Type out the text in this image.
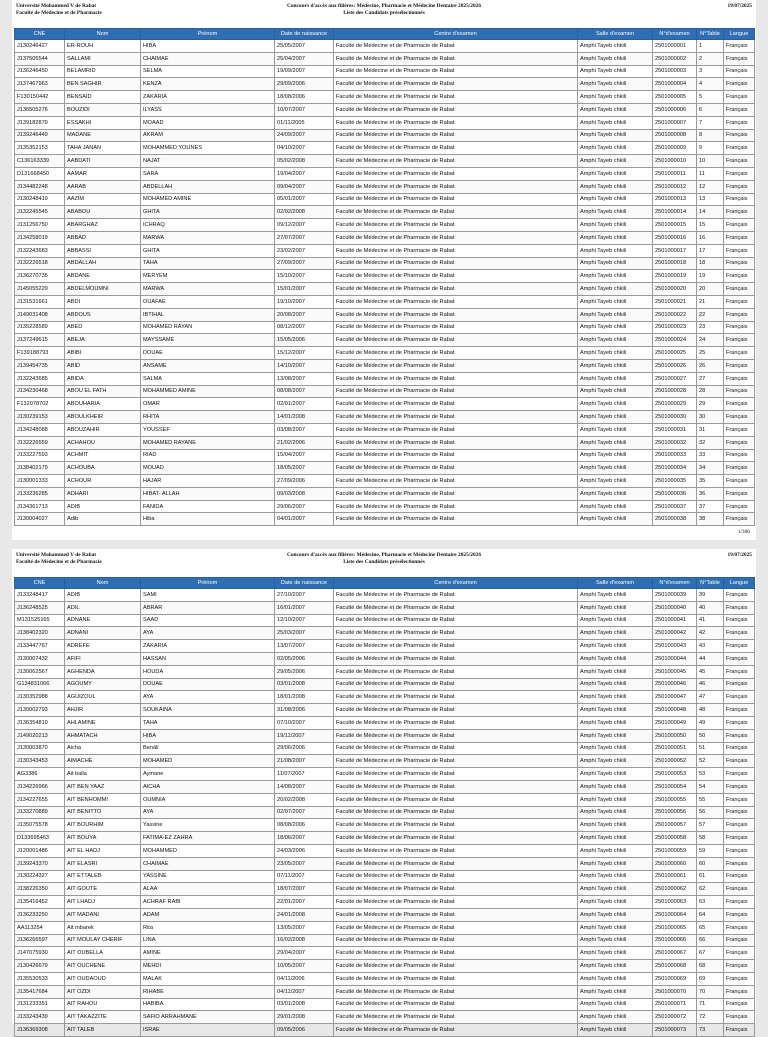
Université Mohammed V de Rabat
Faculté de Médecine et de Pharmacie
Concours d'accès aux filières: Médecine, Pharmacie et Médecine Dentaire 2025/2026
Liste des Candidats présélectionnés
19/07/2025
CNE	Nom	Prénom	Date de naissance	Centre d'examen	Salle d'examen	N°d'examen	N°Table	Langue
J130246427	ER-ROUH	HIBA	25/05/2007	Faculté de Médecine et de Pharmacie de Rabat	Amphi Tayeb chkili	2501000001	1	Français
J137505544	SALLAMI	CHAIMAE	25/04/2007	Faculté de Médecine et de Pharmacie de Rabat	Amphi Tayeb chkili	2501000002	2	Français
J136246450	BELAMRID	SELMA	19/09/2007	Faculté de Médecine et de Pharmacie de Rabat	Amphi Tayeb chkili	2501000003	3	Français
J137467963	BEN SAGHIR	KENZA	29/09/2006	Faculté de Médecine et de Pharmacie de Rabat	Amphi Tayeb chkili	2501000004	4	Français
F130150442	BENSAID	ZAKARIA	18/08/2006	Faculté de Médecine et de Pharmacie de Rabat	Amphi Tayeb chkili	2501000005	5	Français
J136505276	BOUZIDI	ILYASS	10/07/2007	Faculté de Médecine et de Pharmacie de Rabat	Amphi Tayeb chkili	2501000006	6	Français
J139182879	ESSAKHI	MOAAD	01/11/2005	Faculté de Médecine et de Pharmacie de Rabat	Amphi Tayeb chkili	2501000007	7	Français
J139246449	MADANE	AKRAM	24/09/2007	Faculté de Médecine et de Pharmacie de Rabat	Amphi Tayeb chkili	2501000008	8	Français
J135352153	TAHA JANAN	MOHAMMED YOUNES	04/10/2007	Faculté de Médecine et de Pharmacie de Rabat	Amphi Tayeb chkili	2501000009	9	Français
C136163339	AABDATI	NAJAT	05/02/2008	Faculté de Médecine et de Pharmacie de Rabat	Amphi Tayeb chkili	2501000010	10	Français
D131668450	AAMAR	SARA	19/04/2007	Faculté de Médecine et de Pharmacie de Rabat	Amphi Tayeb chkili	2501000011	11	Français
J134482248	AARAB	ABDELLAH	09/04/2007	Faculté de Médecine et de Pharmacie de Rabat	Amphi Tayeb chkili	2501000012	12	Français
J130248419	AAZIM	MOHAMED AMINE	05/01/2007	Faculté de Médecine et de Pharmacie de Rabat	Amphi Tayeb chkili	2501000013	13	Français
J132245545	ABABOU	GHITA	02/02/2008	Faculté de Médecine et de Pharmacie de Rabat	Amphi Tayeb chkili	2501000014	14	Français
J131256750	ABARGHAZ	ICHRAQ	09/12/2007	Faculté de Médecine et de Pharmacie de Rabat	Amphi Tayeb chkili	2501000015	15	Français
J134258019	ABBAD	MARWA	27/07/2007	Faculté de Médecine et de Pharmacie de Rabat	Amphi Tayeb chkili	2501000016	16	Français
J132243683	ABBASSI	GHITA	23/02/2007	Faculté de Médecine et de Pharmacie de Rabat	Amphi Tayeb chkili	2501000017	17	Français
J132226518	ABDALLAH	TAHA	27/09/2007	Faculté de Médecine et de Pharmacie de Rabat	Amphi Tayeb chkili	2501000018	18	Français
J136270735	ABDANE	MERYEM	15/10/2007	Faculté de Médecine et de Pharmacie de Rabat	Amphi Tayeb chkili	2501000019	19	Français
J145055229	ABDELMOUMNI	MARWA	15/01/2007	Faculté de Médecine et de Pharmacie de Rabat	Amphi Tayeb chkili	2501000020	20	Français
J131531661	ABDI	OUAFAE	19/10/2007	Faculté de Médecine et de Pharmacie de Rabat	Amphi Tayeb chkili	2501000021	21	Français
J149031408	ABDOUS	IBTIHAL	20/08/2007	Faculté de Médecine et de Pharmacie de Rabat	Amphi Tayeb chkili	2501000022	22	Français
J135228589	ABED	MOHAMED RAYAN	08/12/2007	Faculté de Médecine et de Pharmacie de Rabat	Amphi Tayeb chkili	2501000023	23	Français
J137249615	ABEJA	MAYSSAME	15/05/2006	Faculté de Médecine et de Pharmacie de Rabat	Amphi Tayeb chkili	2501000024	24	Français
F139188793	ABIBI	DOUAE	15/12/2007	Faculté de Médecine et de Pharmacie de Rabat	Amphi Tayeb chkili	2501000025	25	Français
J139454735	ABID	ANSAME	14/10/2007	Faculté de Médecine et de Pharmacie de Rabat	Amphi Tayeb chkili	2501000026	26	Français
J132243685	ABIDA	SALMA	13/08/2007	Faculté de Médecine et de Pharmacie de Rabat	Amphi Tayeb chkili	2501000027	27	Français
J134230468	ABOU EL FATH	MOHAMMED AMINE	08/08/2007	Faculté de Médecine et de Pharmacie de Rabat	Amphi Tayeb chkili	2501000028	28	Français
F132078702	ABOUHARIA	OMAR	02/01/2007	Faculté de Médecine et de Pharmacie de Rabat	Amphi Tayeb chkili	2501000029	29	Français
J130239153	ABOULKHEIR	RHITA	14/01/2008	Faculté de Médecine et de Pharmacie de Rabat	Amphi Tayeb chkili	2501000030	30	Français
J134248088	ABOUZAHIR	YOUSSEF	03/08/2007	Faculté de Médecine et de Pharmacie de Rabat	Amphi Tayeb chkili	2501000031	31	Français
J132226559	ACHAHOU	MOHAMED RAYANE	21/02/2006	Faculté de Médecine et de Pharmacie de Rabat	Amphi Tayeb chkili	2501000032	32	Français
J133227593	ACHMIT	RIAD	15/04/2007	Faculté de Médecine et de Pharmacie de Rabat	Amphi Tayeb chkili	2501000033	33	Français
J138402179	ACHOUBA	MOUAD	18/05/2007	Faculté de Médecine et de Pharmacie de Rabat	Amphi Tayeb chkili	2501000034	34	Français
J130001333	ACHOUR	HAJAR	27/09/2006	Faculté de Médecine et de Pharmacie de Rabat	Amphi Tayeb chkili	2501000035	35	Français
J133236285	ADHARI	HIBAT- ALLAH	09/03/2008	Faculté de Médecine et de Pharmacie de Rabat	Amphi Tayeb chkili	2501000036	36	Français
J134361713	ADIB	FANIDA	29/06/2007	Faculté de Médecine et de Pharmacie de Rabat	Amphi Tayeb chkili	2501000037	37	Français
J130004027	Adib	Hiba	04/01/2007	Faculté de Médecine et de Pharmacie de Rabat	Amphi Tayeb chkili	2501000038	38	Français
1/306
Université Mohammed V de Rabat
Faculté de Médecine et de Pharmacie
Concours d'accès aux filières: Médecine, Pharmacie et Médecine Dentaire 2025/2026
Liste des Candidats présélectionnés
19/07/2025
CNE	Nom	Prénom	Date de naissance	Centre d'examen	Salle d'examen	N°d'examen	N°Table	Langue
J133248417	ADIB	SAMI	27/10/2007	Faculté de Médecine et de Pharmacie de Rabat	Amphi Tayeb chkili	2501000039	39	Français
J136248525	ADIL	ABRAR	16/01/2007	Faculté de Médecine et de Pharmacie de Rabat	Amphi Tayeb chkili	2501000040	40	Français
M131525165	ADNANE	SAAD	12/10/2007	Faculté de Médecine et de Pharmacie de Rabat	Amphi Tayeb chkili	2501000041	41	Français
J138402320	ADNANI	AYA	25/03/2007	Faculté de Médecine et de Pharmacie de Rabat	Amphi Tayeb chkili	2501000042	42	Français
J133447767	ADREFE	ZAKARIA	13/07/2007	Faculté de Médecine et de Pharmacie de Rabat	Amphi Tayeb chkili	2501000043	43	Français
J130007432	AFIFI	HASSAN	02/05/2006	Faculté de Médecine et de Pharmacie de Rabat	Amphi Tayeb chkili	2501000044	44	Français
J130062567	AGHENDA	HOUDA	29/05/2006	Faculté de Médecine et de Pharmacie de Rabat	Amphi Tayeb chkili	2501000045	45	Français
G134831066	AGOUMY	DOUAE	03/01/2008	Faculté de Médecine et de Pharmacie de Rabat	Amphi Tayeb chkili	2501000046	46	Français
J130352988	AGUIZOUL	AYA	18/01/2008	Faculté de Médecine et de Pharmacie de Rabat	Amphi Tayeb chkili	2501000047	47	Français
J130002793	AHJIR	SOUKAINA	31/08/2006	Faculté de Médecine et de Pharmacie de Rabat	Amphi Tayeb chkili	2501000048	48	Français
J136354819	AHLAMINE	TAHA	07/10/2007	Faculté de Médecine et de Pharmacie de Rabat	Amphi Tayeb chkili	2501000049	49	Français
J149020213	AHMATACH	HIBA	19/11/2007	Faculté de Médecine et de Pharmacie de Rabat	Amphi Tayeb chkili	2501000050	50	Français
J130003870	Aicha	Benâli	29/06/2006	Faculté de Médecine et de Pharmacie de Rabat	Amphi Tayeb chkili	2501000051	51	Français
J130343453	AIMACHE	MOHAMED	21/08/2007	Faculté de Médecine et de Pharmacie de Rabat	Amphi Tayeb chkili	2501000052	52	Français
AG3386	Ait balla	Aymane	11/07/2007	Faculté de Médecine et de Pharmacie de Rabat	Amphi Tayeb chkili	2501000053	53	Français
J134226966	AIT BEN YAAZ	AICHA	14/08/2007	Faculté de Médecine et de Pharmacie de Rabat	Amphi Tayeb chkili	2501000054	54	Français
J134227655	AIT BENHOMMI	OUMNIA	20/02/2008	Faculté de Médecine et de Pharmacie de Rabat	Amphi Tayeb chkili	2501000055	55	Français
J133270889	AIT BENITTO	AYA	02/07/2007	Faculté de Médecine et de Pharmacie de Rabat	Amphi Tayeb chkili	2501000056	56	Français
J135075578	AIT BOURHIM	Yassine	08/08/2006	Faculté de Médecine et de Pharmacie de Rabat	Amphi Tayeb chkili	2501000057	57	Français
D133695463	AIT BOUYA	FATIMA-EZ ZAHRA	18/06/2007	Faculté de Médecine et de Pharmacie de Rabat	Amphi Tayeb chkili	2501000058	58	Français
J120001486	AIT EL HADJ	MOHAMMED	24/03/2006	Faculté de Médecine et de Pharmacie de Rabat	Amphi Tayeb chkili	2501000059	59	Français
J139243370	AIT ELASRI	CHAIMAE	23/05/2007	Faculté de Médecine et de Pharmacie de Rabat	Amphi Tayeb chkili	2501000060	60	Français
J130224327	AIT ETTALEB	YASSINE	07/11/2007	Faculté de Médecine et de Pharmacie de Rabat	Amphi Tayeb chkili	2501000061	61	Français
J138226350	AIT GOUTE	ALAA	18/07/2007	Faculté de Médecine et de Pharmacie de Rabat	Amphi Tayeb chkili	2501000062	62	Français
J135416452	AIT LHADJ	ACHRAF RABI	22/01/2007	Faculté de Médecine et de Pharmacie de Rabat	Amphi Tayeb chkili	2501000063	63	Français
J136233250	AIT MADANI	ADAM	24/01/2008	Faculté de Médecine et de Pharmacie de Rabat	Amphi Tayeb chkili	2501000064	64	Français
AA113254	Ait mbarek	Rita	13/05/2007	Faculté de Médecine et de Pharmacie de Rabat	Amphi Tayeb chkili	2501000065	65	Français
J136266597	AIT MOULAY CHERIF	LINA	16/02/2008	Faculté de Médecine et de Pharmacie de Rabat	Amphi Tayeb chkili	2501000066	66	Français
J147075930	AIT OUBELLA	AMINE	29/04/2007	Faculté de Médecine et de Pharmacie de Rabat	Amphi Tayeb chkili	2501000067	67	Français
J130426679	AIT OUCHENE	MEHDI	10/05/2007	Faculté de Médecine et de Pharmacie de Rabat	Amphi Tayeb chkili	2501000068	68	Français
J135530533	AIT OUDAOUD	MALAK	04/11/2006	Faculté de Médecine et de Pharmacie de Rabat	Amphi Tayeb chkili	2501000069	69	Français
J135417684	AIT OZDI	RIHABE	04/11/2007	Faculté de Médecine et de Pharmacie de Rabat	Amphi Tayeb chkili	2501000070	70	Français
J131233351	AIT RAHOU	HABIBA	03/01/2008	Faculté de Médecine et de Pharmacie de Rabat	Amphi Tayeb chkili	2501000071	71	Français
J133243439	AIT TAKAZZITE	SAFIO ARRAHMANE	29/01/2008	Faculté de Médecine et de Pharmacie de Rabat	Amphi Tayeb chkili	2501000072	72	Français
J136369308	AIT TALEB	ISRAE	09/05/2006	Faculté de Médecine et de Pharmacie de Rabat	Amphi Tayeb chkili	2501000073	73	Français
